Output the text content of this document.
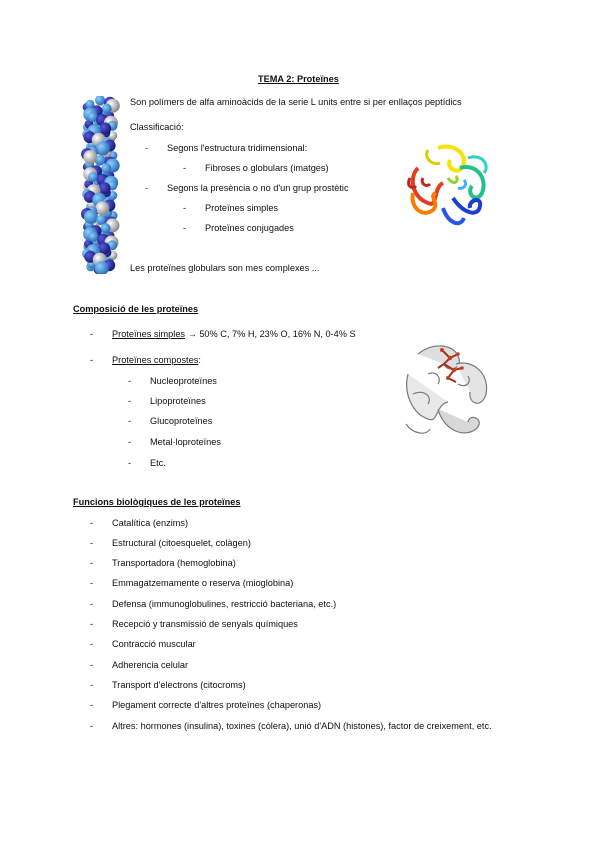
TEMA 2: Proteïnes
Son polímers de alfa aminoàcids de la serie L units entre si per enllaços peptídics
Classificació:
- Segons l'estructura tridimensional:
- Fibroses o globulars (imatges)
- Segons la presència o no d'un grup prostètic
- Proteïnes simples
- Proteïnes conjugades
Les proteïnes globulars son mes complexes ...
Composició de les proteïnes
- Proteïnes simples → 50% C, 7% H, 23% O, 16% N, 0-4% S
- Proteïnes compostes:
- Nucleoproteïnes
- Lipoproteïnes
- Glucoproteïnes
- Metal·loproteïnes
- Etc.
Funcions biològiques de les proteïnes
- Catalítica (enzims)
- Estructural (citoesquelet, colàgen)
- Transportadora (hemoglobina)
- Emmagatzemamente o reserva (mioglobina)
- Defensa (immunoglobulines, restricció bacteriana, etc.)
- Recepció y transmissió de senyals químiques
- Contracció muscular
- Adherencia celular
- Transport d'electrons (citocroms)
- Plegament correcte d'altres proteïnes (chaperonas)
- Altres: hormones (insulina), toxines (còlera), unió d'ADN (histones), factor de creixement, etc.
